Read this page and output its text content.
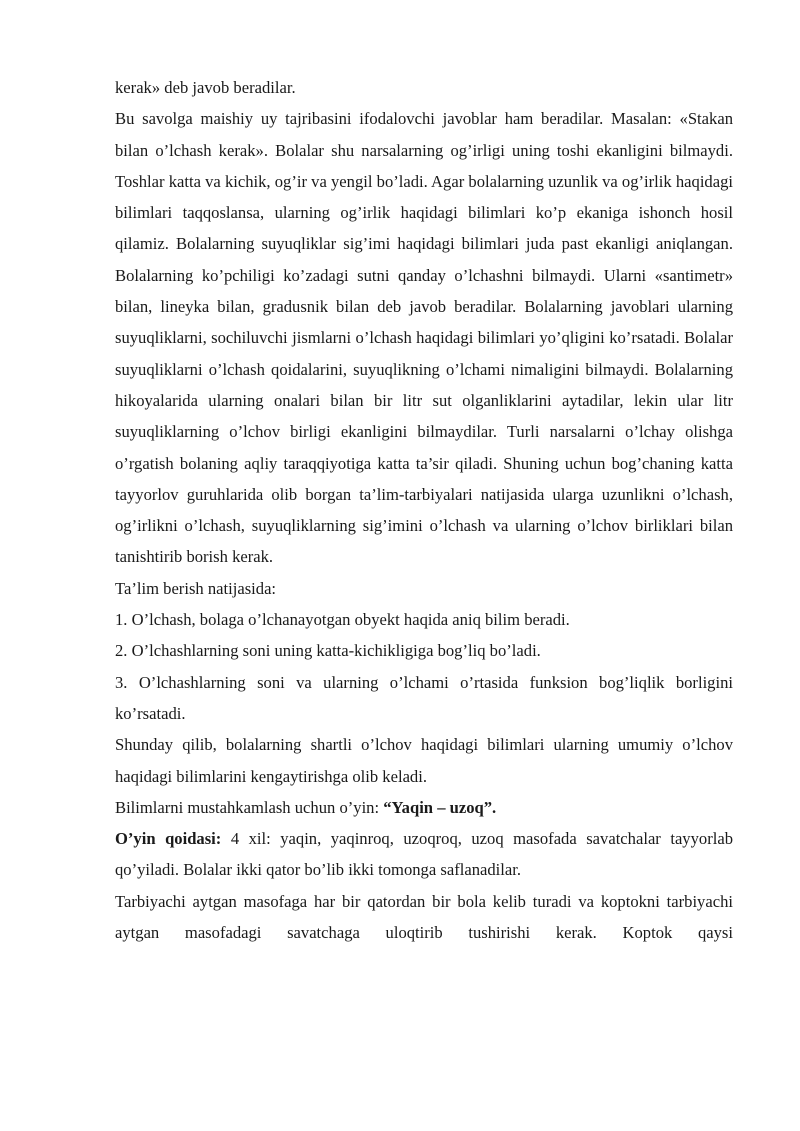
kerak» deb javob beradilar.

Bu savolga maishiy uy tajribasini ifodalovchi javoblar ham beradilar. Masalan: «Stakan bilan o’lchash kerak». Bolalar shu narsalarning og’irligi uning toshi ekanligini bilmaydi. Toshlar katta va kichik, og’ir va yengil bo’ladi. Agar bolalarning uzunlik va og’irlik haqidagi bilimlari taqqoslansa, ularning og’irlik haqidagi bilimlari ko’p ekaniga ishonch hosil qilamiz. Bolalarning suyuqliklar sig’imi haqidagi bilimlari juda past ekanligi aniqlangan. Bolalarning ko’pchiligi ko’zadagi sutni qanday o’lchashni bilmaydi. Ularni «santimetr» bilan, lineyka bilan, gradusnik bilan deb javob beradilar. Bolalarning javoblari ularning

suyuqliklarni, sochiluvchi jismlarni o’lchash haqidagi bilimlari yo’qligini ko’rsatadi. Bolalar suyuqliklarni o’lchash qoidalarini, suyuqlikning o’lchami nimaligini bilmaydi. Bolalarning hikoyalarida ularning onalari bilan bir litr sut olganliklarini aytadilar, lekin ular litr suyuqliklarning o’lchov birligi ekanligini bilmaydilar. Turli narsalarni o’lchay olishga o’rgatish bolaning aqliy taraqqiyotiga katta ta’sir qiladi. Shuning uchun bog’chaning katta tayyorlov guruhlarida olib borgan ta’lim-tarbiyalari natijasida ularga uzunlikni o’lchash, og’irlikni o’lchash, suyuqliklarning sig’imini o’lchash va ularning o’lchov birliklari bilan tanishtirib borish kerak.

Ta’lim berish natijasida:

1. O’lchash, bolaga o’lchanayotgan obyekt haqida aniq bilim beradi.

2. O’lchashlarning soni uning katta-kichikligiga bog’liq bo’ladi.

3. O’lchashlarning soni va ularning o’lchami o’rtasida funksion bog’liqlik borligini ko’rsatadi.

Shunday qilib, bolalarning shartli o’lchov haqidagi bilimlari ularning umumiy o’lchov haqidagi bilimlarini kengaytirishga olib keladi.

Bilimlarni mustahkamlash uchun o’yin: “Yaqin – uzoq”.

O’yin qoidasi: 4 xil: yaqin, yaqinroq, uzoqroq, uzoq masofada savatchalar tayyorlab qo’yiladi. Bolalar ikki qator bo’lib ikki tomonga saflanadilar.

Tarbiyachi aytgan masofaga har bir qatordan bir bola kelib turadi va koptokni tarbiyachi aytgan masofadagi savatchaga uloqtirib tushirishi kerak. Koptok qaysi
